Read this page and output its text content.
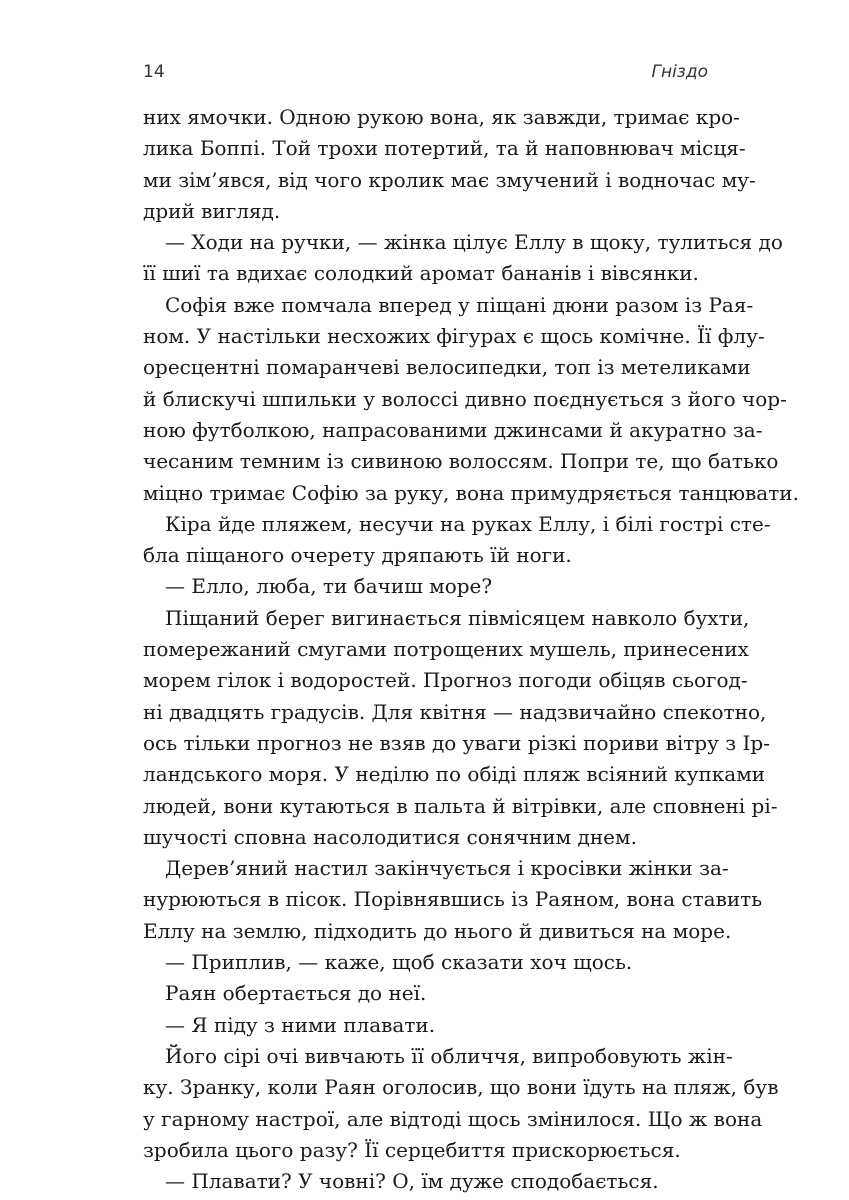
14	Гніздо
них ямочки. Одною рукою вона, як завжди, тримає кро-
лика Боппі. Той трохи потертий, та й наповнювач місця-
ми зім’явся, від чого кролик має змучений і водночас му-
дрий вигляд.
— Ходи на ручки, — жінка цілує Еллу в щоку, тулиться до
її шиї та вдихає солодкий аромат бананів і вівсянки.
Софія вже помчала вперед у піщані дюни разом із Рая-
ном. У настільки несхожих фігурах є щось комічне. Її флу-
оресцентні помаранчеві велосипедки, топ із метеликами
й блискучі шпильки у волоссі дивно поєднується з його чор-
ною футболкою, напрасованими джинсами й акуратно за-
чесаним темним із сивиною волоссям. Попри те, що батько
міцно тримає Софію за руку, вона примудряється танцювати.
Кіра йде пляжем, несучи на руках Еллу, і білі гострі сте-
бла піщаного очерету дряпають їй ноги.
— Елло, люба, ти бачиш море?
Піщаний берег вигинається півмісяцем навколо бухти,
помережаний смугами потрощених мушель, принесених
морем гілок і водоростей. Прогноз погоди обіцяв сьогод-
ні двадцять градусів. Для квітня — надзвичайно спекотно,
ось тільки прогноз не взяв до уваги різкі пориви вітру з Ір-
ландського моря. У неділю по обіді пляж всіяний купками
людей, вони кутаються в пальта й вітрівки, але сповнені рі-
шучості сповна насолодитися сонячним днем.
Дерев’яний настил закінчується і кросівки жінки за-
нурюються в пісок. Порівнявшись із Раяном, вона ставить
Еллу на землю, підходить до нього й дивиться на море.
— Приплив, — каже, щоб сказати хоч щось.
Раян обертається до неї.
— Я піду з ними плавати.
Його сірі очі вивчають її обличчя, випробовують жін-
ку. Зранку, коли Раян оголосив, що вони їдуть на пляж, був
у гарному настрої, але відтоді щось змінилося. Що ж вона
зробила цього разу? Її серцебиття прискорюється.
— Плавати? У човні? О, їм дуже сподобається.
